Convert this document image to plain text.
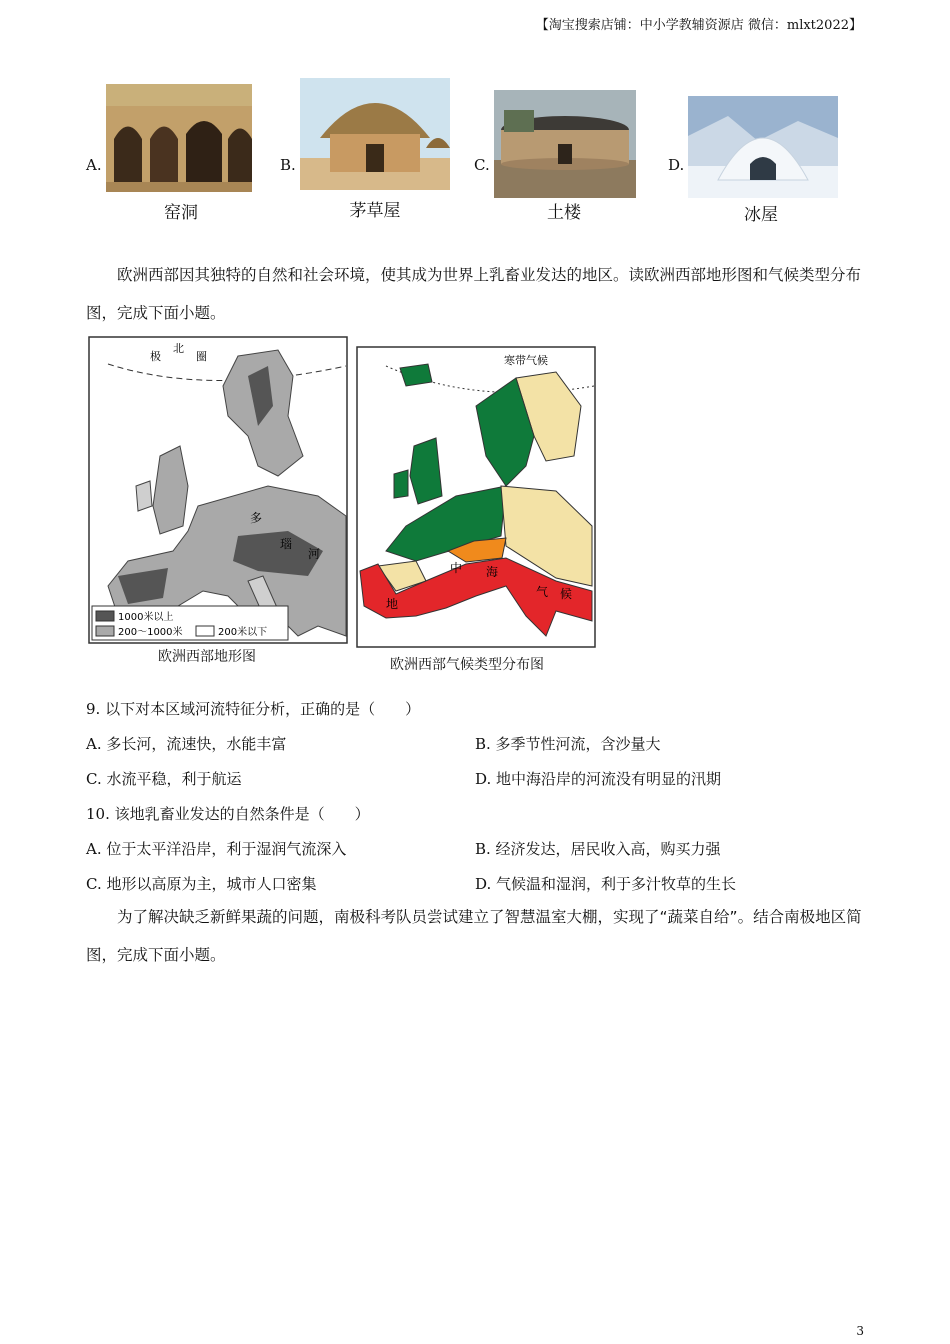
【淘宝搜索店铺：中小学教辅资源店 微信：mlxt2022】
A.
窑洞
B.
茅草屋
C.
土楼
D.
冰屋
欧洲西部因其独特的自然和社会环境，使其成为世界上乳畜业发达的地区。读欧洲西部地形图和气候类型分布图，完成下面小题。
北
极	圈
多
瑙
河
1000米以上
200～1000米	200米以下
欧洲西部地形图
寒带气候
地
中 海
气 候
欧洲西部气候类型分布图
9. 以下对本区域河流特征分析，正确的是（　　）
A. 多长河，流速快，水能丰富	B. 多季节性河流，含沙量大
C. 水流平稳，利于航运	D. 地中海沿岸的河流没有明显的汛期
10. 该地乳畜业发达的自然条件是（　　）
A. 位于太平洋沿岸，利于湿润气流深入	B. 经济发达，居民收入高，购买力强
C. 地形以高原为主，城市人口密集	D. 气候温和湿润，利于多汁牧草的生长
为了解决缺乏新鲜果蔬的问题，南极科考队员尝试建立了智慧温室大棚，实现了“蔬菜自给”。结合南极地区简图，完成下面小题。
3
